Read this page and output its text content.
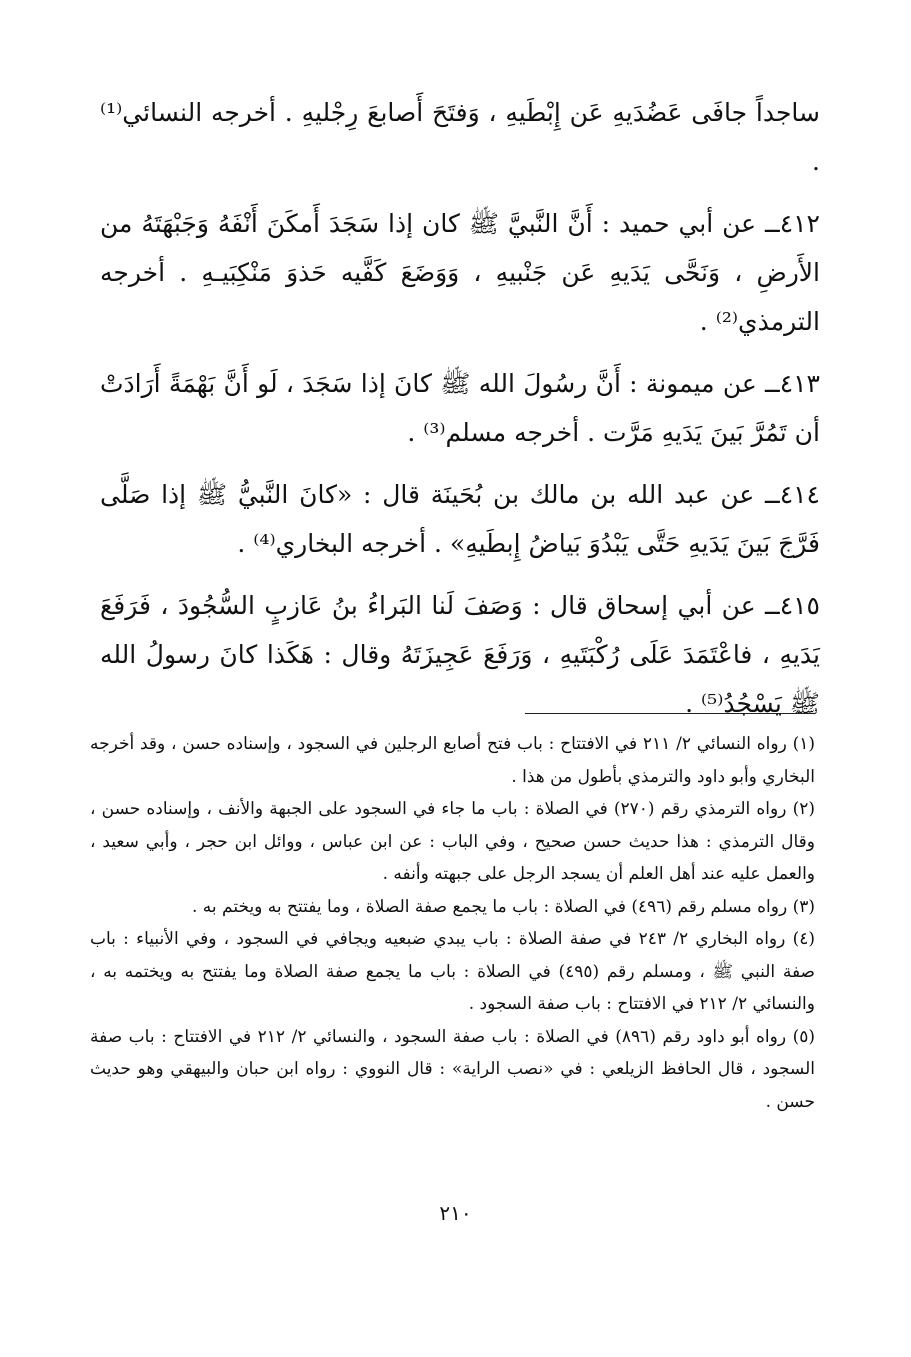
ساجداً جافَى عَضُدَيهِ عَن إِبْطَيهِ ، وَفتَحَ أَصابعَ رِجْليهِ . أخرجه النسائي⁽¹⁾ .

٤١٢ــ عن أبي حميد : أَنَّ النَّبيَّ ﷺ كان إذا سَجَدَ أَمكَنَ أَنْفَهُ وَجَبْهَتَهُ من الأَرضِ ، وَنَحَّى يَدَيهِ عَن جَنْبيهِ ، وَوَضَعَ كَفَّيه حَذوَ مَنْكِبَيـهِ . أخرجه الترمذي⁽²⁾ .

٤١٣ــ عن ميمونة : أَنَّ رسُولَ الله ﷺ كانَ إذا سَجَدَ ، لَو أَنَّ بَهْمَةً أَرَادَتْ أن تَمُرَّ بَينَ يَدَيهِ مَرَّت . أخرجه مسلم⁽³⁾ .

٤١٤ــ عن عبد الله بن مالك بن بُحَينَة قال : «كانَ النَّبيُّ ﷺ إذا صَلَّى فَرَّجَ بَينَ يَدَيهِ حَتَّى يَبْدُوَ بَياضُ إِبطَيهِ» . أخرجه البخاري⁽⁴⁾ .

٤١٥ــ عن أبي إسحاق قال : وَصَفَ لَنا البَراءُ بنُ عَازبٍ السُّجُودَ ، فَرَفَعَ يَدَيهِ ، فاعْتَمَدَ عَلَى رُكْبَتَيهِ ، وَرَفَعَ عَجِيزَتَهُ وقال : هَكَذا كانَ رسولُ الله ﷺ يَسْجُدُ⁽⁵⁾ .

(١) رواه النسائي ٢/ ٢١١ في الافتتاح : باب فتح أصابع الرجلين في السجود ، وإسناده حسن ، وقد أخرجه البخاري وأبو داود والترمذي بأطول من هذا .

(٢) رواه الترمذي رقم (٢٧٠) في الصلاة : باب ما جاء في السجود على الجبهة والأنف ، وإسناده حسن ، وقال الترمذي : هذا حديث حسن صحيح ، وفي الباب : عن ابن عباس ، ووائل ابن حجر ، وأبي سعيد ، والعمل عليه عند أهل العلم أن يسجد الرجل على جبهته وأنفه .

(٣) رواه مسلم رقم (٤٩٦) في الصلاة : باب ما يجمع صفة الصلاة ، وما يفتتح به ويختم به .

(٤) رواه البخاري ٢/ ٢٤٣ في صفة الصلاة : باب يبدي ضبعيه ويجافي في السجود ، وفي الأنبياء : باب صفة النبي ﷺ ، ومسلم رقم (٤٩٥) في الصلاة : باب ما يجمع صفة الصلاة وما يفتتح به ويختمه به ، والنسائي ٢/ ٢١٢ في الافتتاح : باب صفة السجود .

(٥) رواه أبو داود رقم (٨٩٦) في الصلاة : باب صفة السجود ، والنسائي ٢/ ٢١٢ في الافتتاح : باب صفة السجود ، قال الحافظ الزيلعي : في «نصب الراية» : قال النووي : رواه ابن حبان والبيهقي وهو حديث حسن .

٢١٠
